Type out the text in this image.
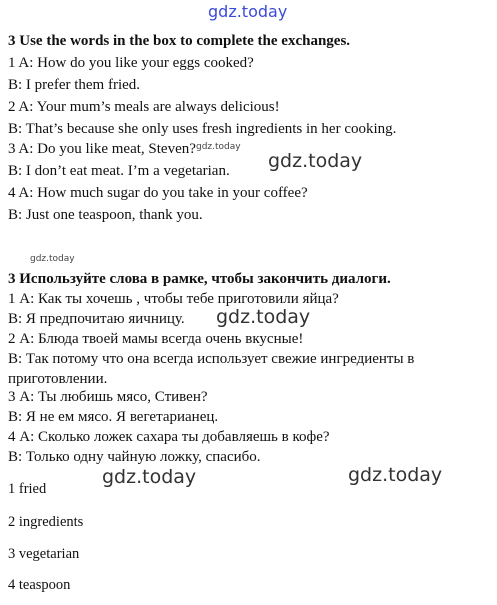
gdz.today
gdz.today
gdz.today
gdz.today
gdz.today
gdz.today	gdz.today

3 Use the words in the box to complete the exchanges.

1 A: How do you like your eggs cooked?

B: I prefer them fried.

2 A: Your mum’s meals are always delicious!

B: That’s because she only uses fresh ingredients in her cooking.

3 A: Do you like meat, Steven?

B: I don’t eat meat. I’m a vegetarian.

4 A: How much sugar do you take in your coffee?

B: Just one teaspoon, thank you.

3 Используйте слова в рамке, чтобы закончить диалоги.

1 А: Как ты хочешь , чтобы тебе приготовили яйца?

B: Я предпочитаю яичницу.

2 А: Блюда твоей мамы всегда очень вкусные!

B: Так потому что она всегда использует свежие ингредиенты в

приготовлении.

3 А: Ты любишь мясо, Стивен?

B: Я не ем мясо. Я вегетарианец.

4 А: Сколько ложек сахара ты добавляешь в кофе?

B: Только одну чайную ложку, спасибо.

1 fried
2 ingredients
3 vegetarian
4 teaspoon
